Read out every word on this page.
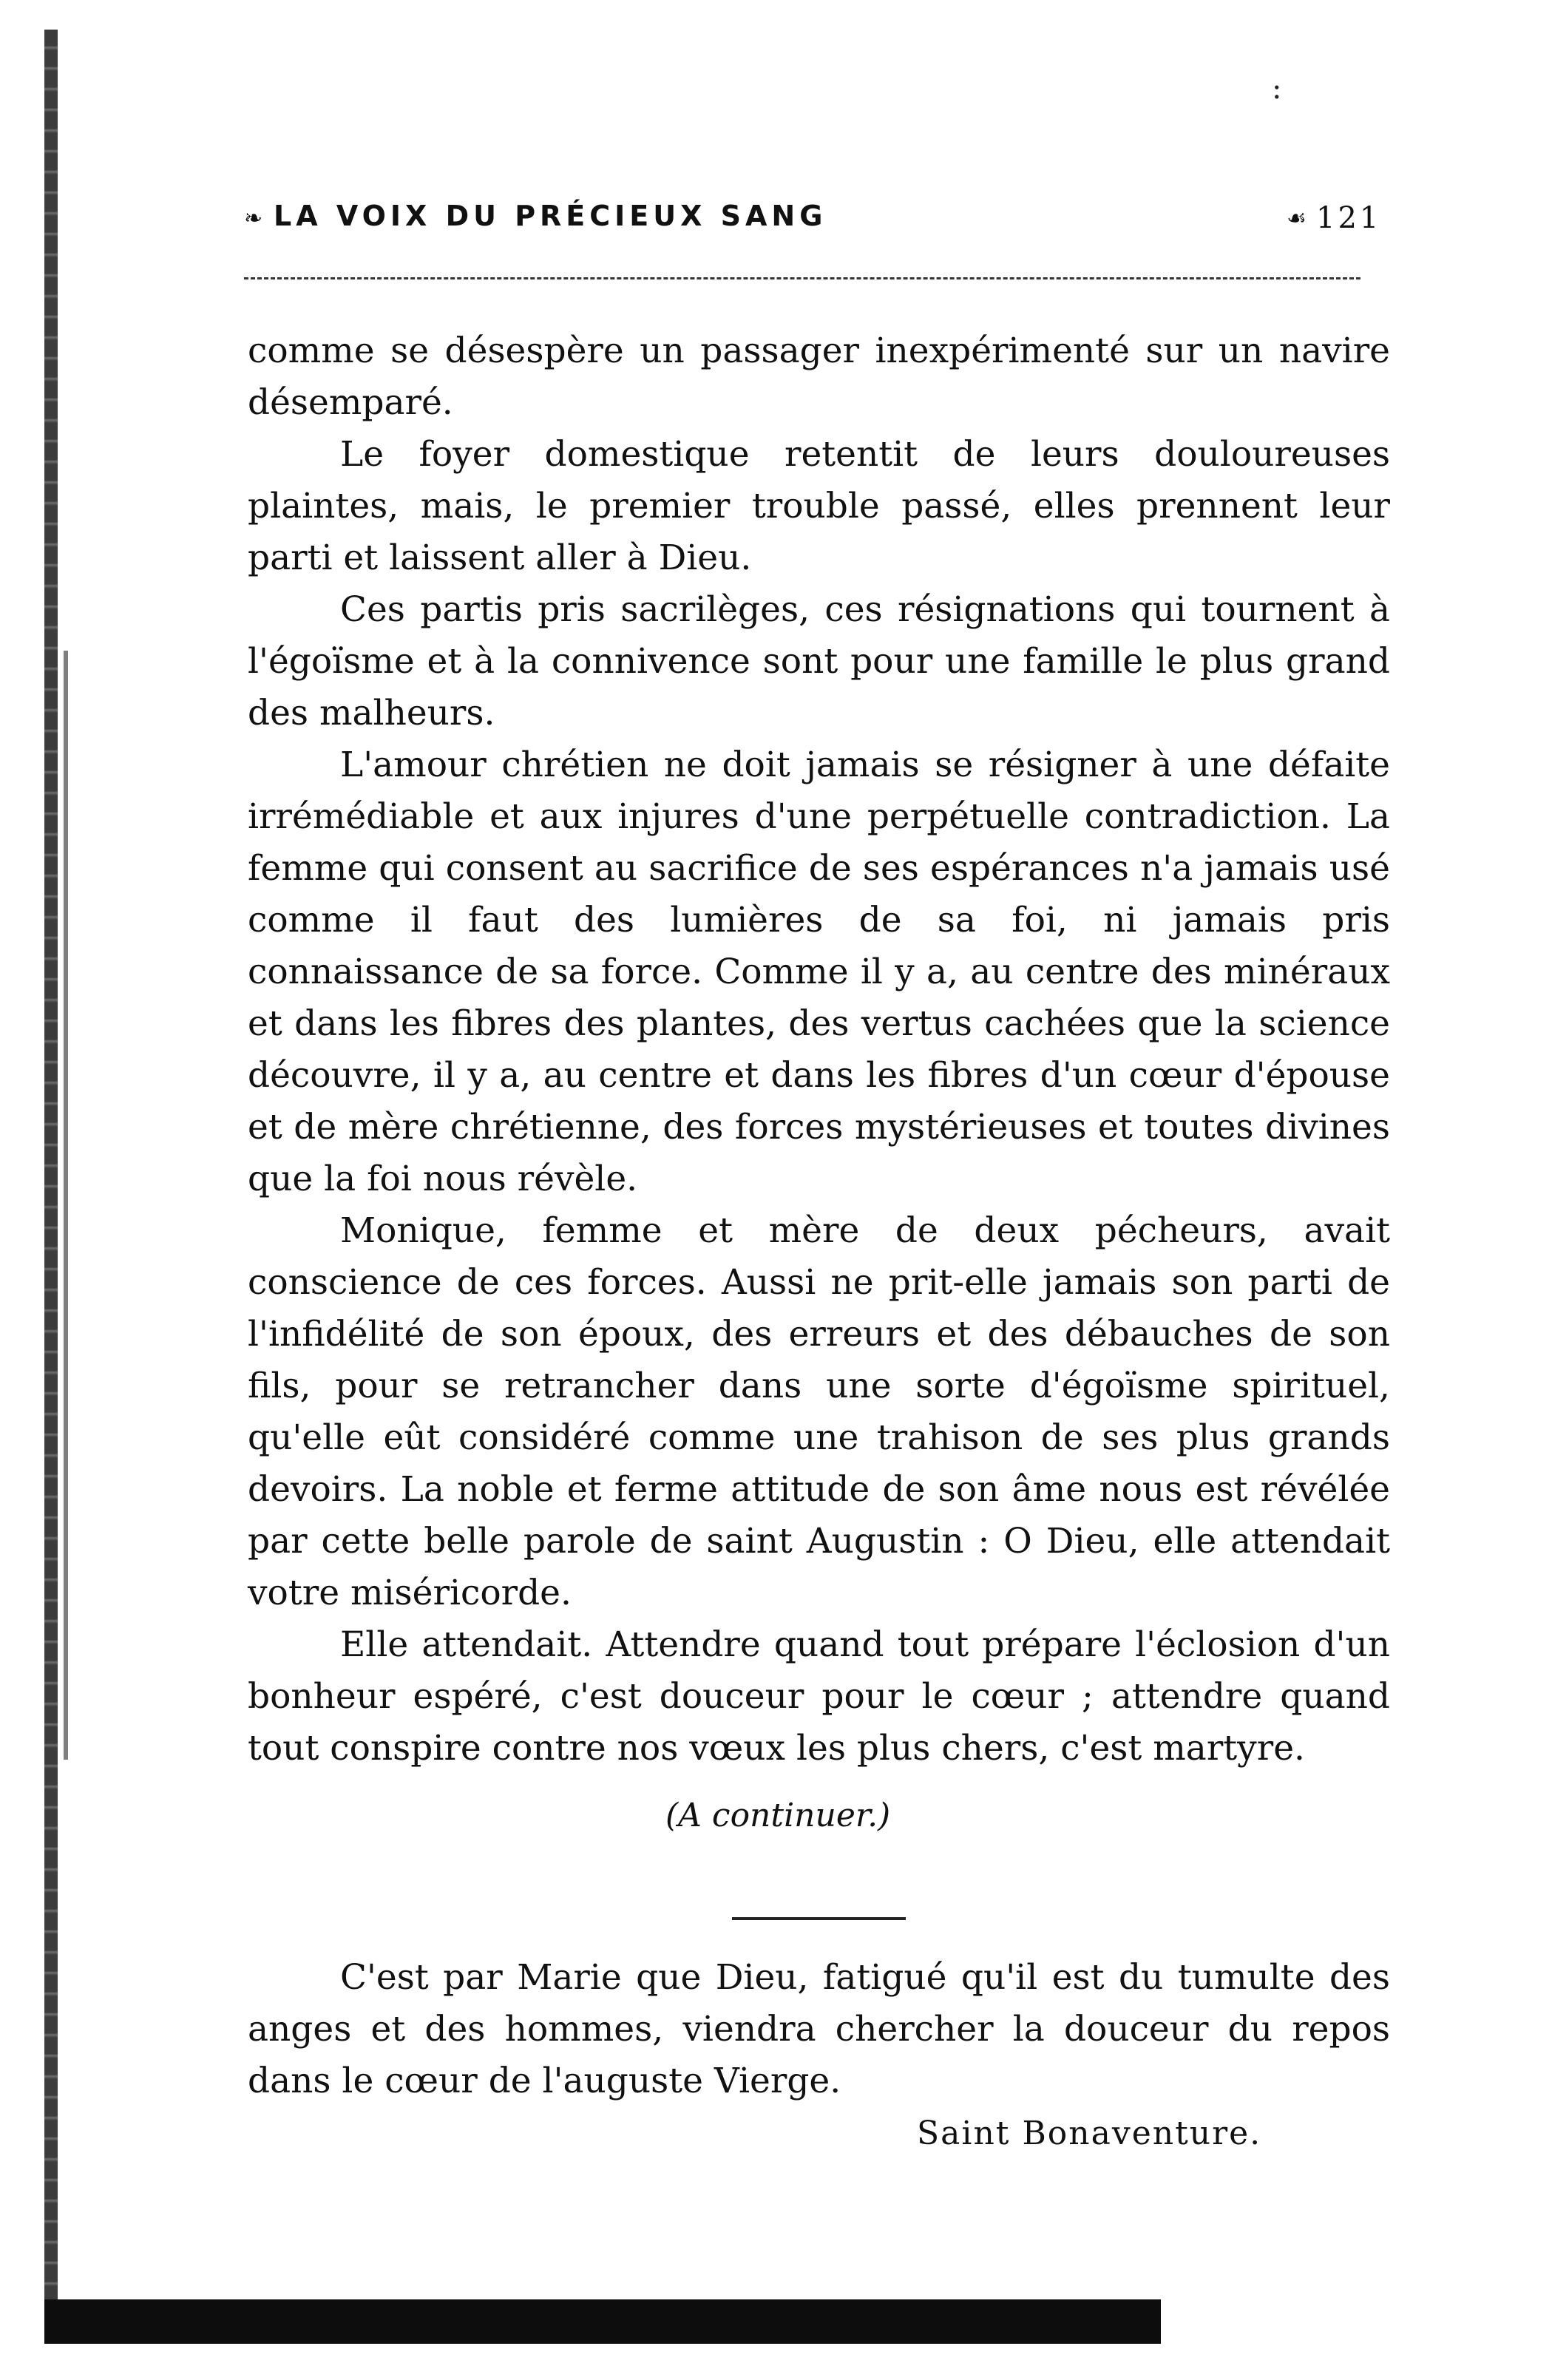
:
❧ LA VOIX DU PRÉCIEUX SANG	☙ 121

comme se désespère un passager inexpérimenté sur un navire désemparé.

Le foyer domestique retentit de leurs douloureuses plaintes, mais, le premier trouble passé, elles prennent leur parti et laissent aller à Dieu.

Ces partis pris sacrilèges, ces résignations qui tournent à l'égoïsme et à la connivence sont pour une famille le plus grand des malheurs.

L'amour chrétien ne doit jamais se résigner à une défaite irrémédiable et aux injures d'une perpétuelle contradiction. La femme qui consent au sacrifice de ses espérances n'a jamais usé comme il faut des lumières de sa foi, ni jamais pris connaissance de sa force. Comme il y a, au centre des minéraux et dans les fibres des plantes, des vertus cachées que la science découvre, il y a, au centre et dans les fibres d'un cœur d'épouse et de mère chrétienne, des forces mystérieuses et toutes divines que la foi nous révèle.

Monique, femme et mère de deux pécheurs, avait conscience de ces forces. Aussi ne prit-elle jamais son parti de l'infidélité de son époux, des erreurs et des débauches de son fils, pour se retrancher dans une sorte d'égoïsme spirituel, qu'elle eût considéré comme une trahison de ses plus grands devoirs. La noble et ferme attitude de son âme nous est révélée par cette belle parole de saint Augustin : O Dieu, elle attendait votre miséricorde.

Elle attendait. Attendre quand tout prépare l'éclosion d'un bonheur espéré, c'est douceur pour le cœur ; attendre quand tout conspire contre nos vœux les plus chers, c'est martyre.

(A continuer.)

C'est par Marie que Dieu, fatigué qu'il est du tumulte des anges et des hommes, viendra chercher la douceur du repos dans le cœur de l'auguste Vierge.

Saint Bonaventure.
